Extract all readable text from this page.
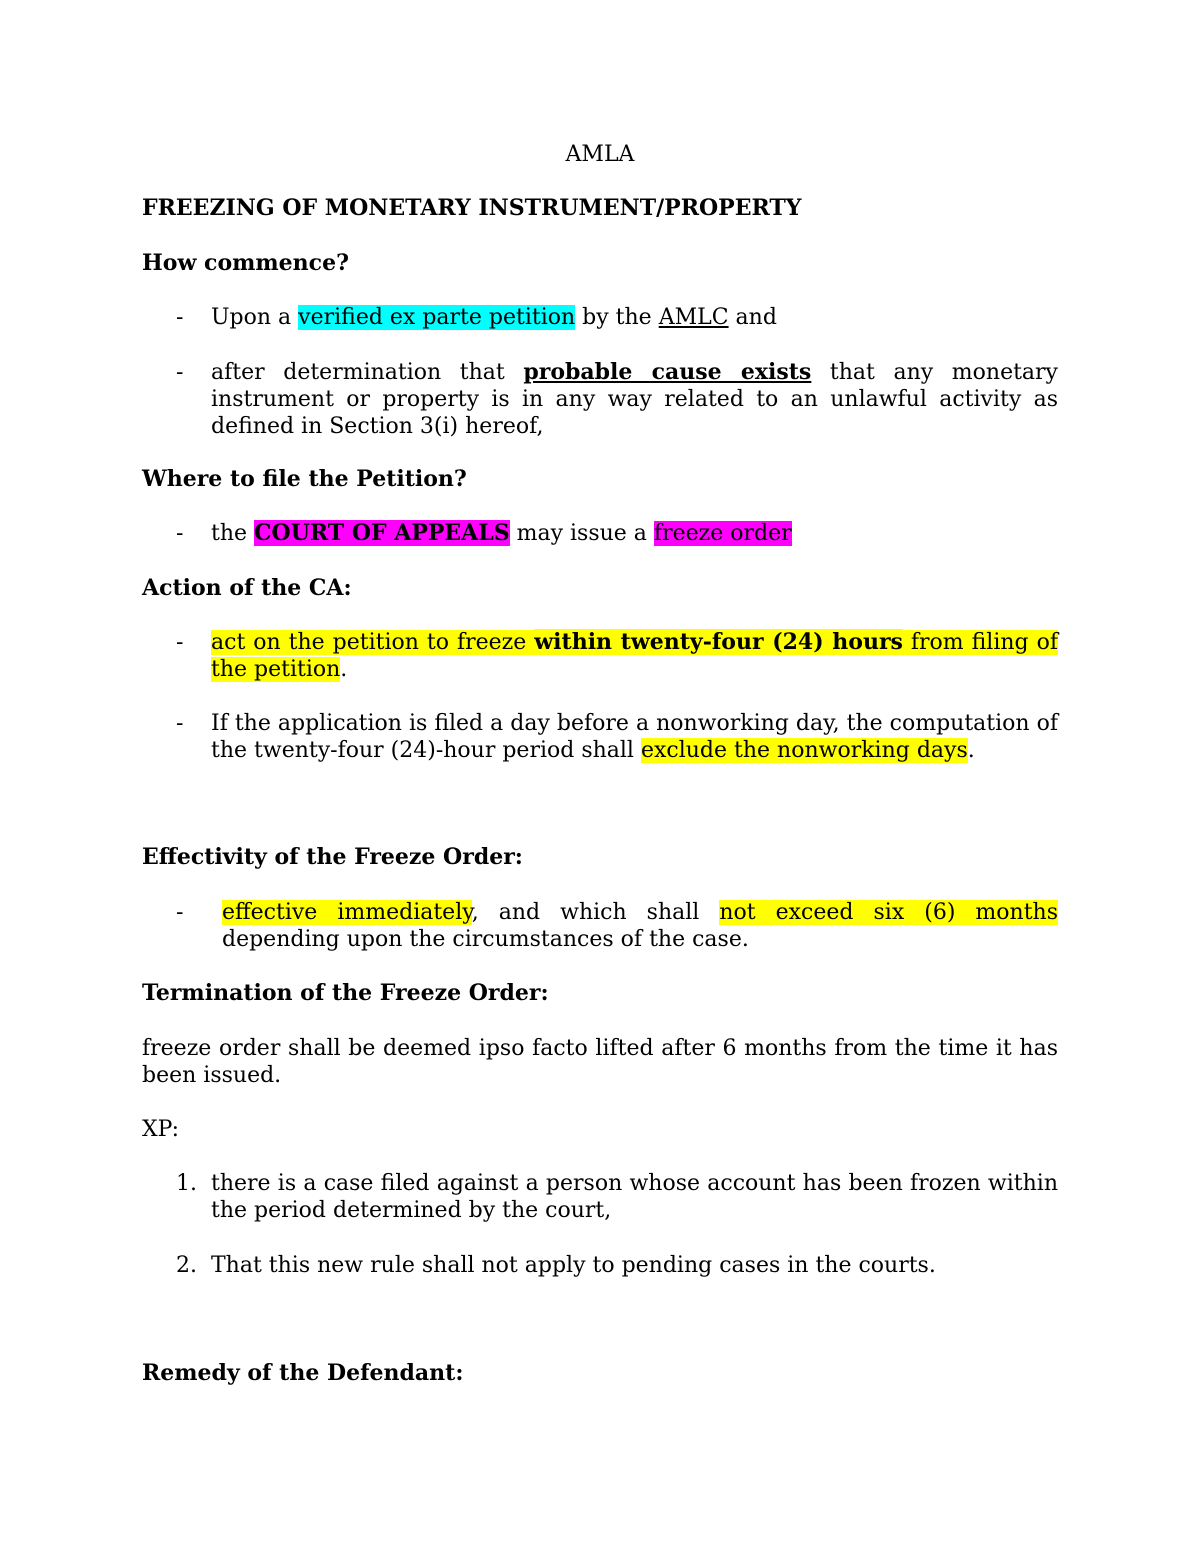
AMLA

FREEZING OF MONETARY INSTRUMENT/PROPERTY

How commence?

- Upon a verified ex parte petition by the AMLC and
- after determination that probable cause exists that any monetary instrument or property is in any way related to an unlawful activity as defined in Section 3(i) hereof,

Where to file the Petition?

- the COURT OF APPEALS may issue a freeze order

Action of the CA:

- act on the petition to freeze within twenty-four (24) hours from filing of the petition.
- If the application is filed a day before a nonworking day, the computation of the twenty-four (24)-hour period shall exclude the nonworking days.

Effectivity of the Freeze Order:

- effective immediately, and which shall not exceed six (6) months depending upon the circumstances of the case.

Termination of the Freeze Order:

freeze order shall be deemed ipso facto lifted after 6 months from the time it has been issued.

XP:

1. there is a case filed against a person whose account has been frozen within the period determined by the court,
2. That this new rule shall not apply to pending cases in the courts.

Remedy of the Defendant:
